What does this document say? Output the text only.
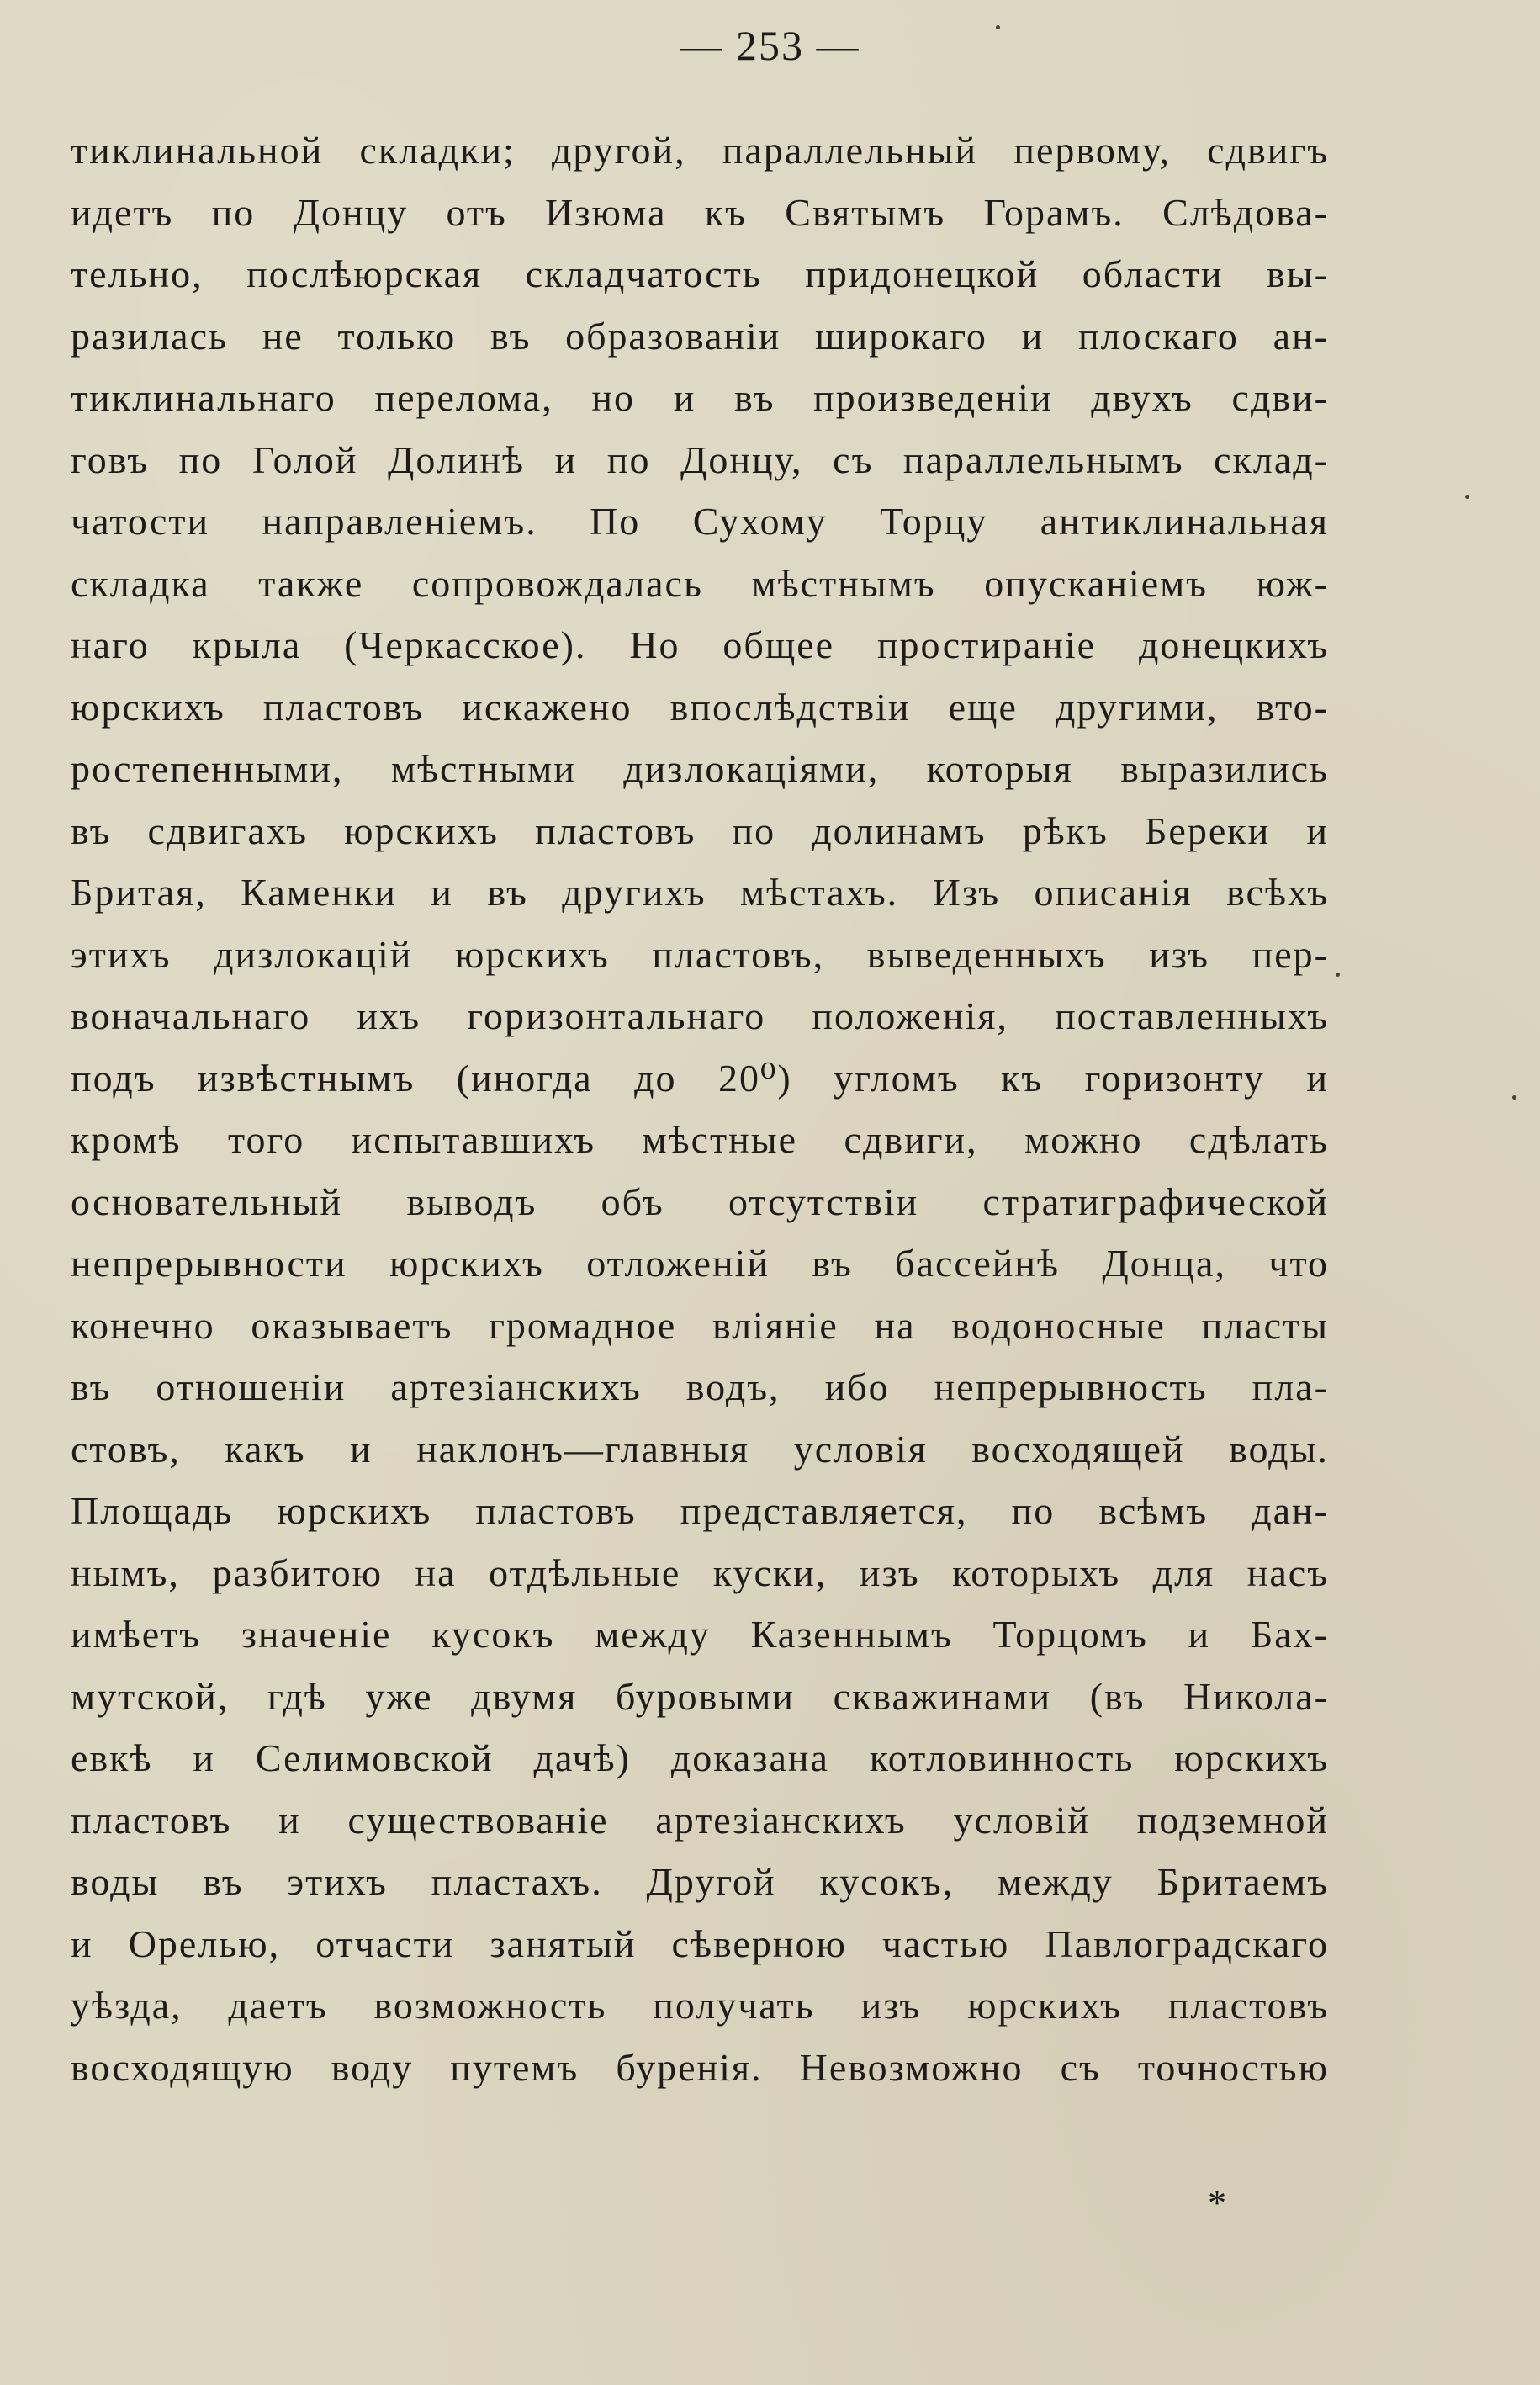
— 253 —
тиклинальной складки; другой, параллельный первому, сдвигъ
идетъ по Донцу отъ Изюма къ Святымъ Горамъ. Слѣдова-
тельно, послѣюрская складчатость придонецкой области вы-
разилась не только въ образованіи широкаго и плоскаго ан-
тиклинальнаго перелома, но и въ произведеніи двухъ сдви-
говъ по Голой Долинѣ и по Донцу, съ параллельнымъ склад-
чатости направленіемъ. По Сухому Торцу антиклинальная
складка также сопровождалась мѣстнымъ опусканіемъ юж-
наго крыла (Черкасское). Но общее простираніе донецкихъ
юрскихъ пластовъ искажено впослѣдствіи еще другими, вто-
ростепенными, мѣстными дизлокаціями, которыя выразились
въ сдвигахъ юрскихъ пластовъ по долинамъ рѣкъ Береки и
Бритая, Каменки и въ другихъ мѣстахъ. Изъ описанія всѣхъ
этихъ дизлокацій юрскихъ пластовъ, выведенныхъ изъ пер-
воначальнаго ихъ горизонтальнаго положенія, поставленныхъ
подъ извѣстнымъ (иногда до 20⁰) угломъ къ горизонту и
кромѣ того испытавшихъ мѣстные сдвиги, можно сдѣлать
основательный выводъ объ отсутствіи стратиграфической
непрерывности юрскихъ отложеній въ бассейнѣ Донца, что
конечно оказываетъ громадное вліяніе на водоносные пласты
въ отношеніи артезіанскихъ водъ, ибо непрерывность пла-
стовъ, какъ и наклонъ—главныя условія восходящей воды.
Площадь юрскихъ пластовъ представляется, по всѣмъ дан-
нымъ, разбитою на отдѣльные куски, изъ которыхъ для насъ
имѣетъ значеніе кусокъ между Казеннымъ Торцомъ и Бах-
мутской, гдѣ уже двумя буровыми скважинами (въ Никола-
евкѣ и Селимовской дачѣ) доказана котловинность юрскихъ
пластовъ и существованіе артезіанскихъ условій подземной
воды въ этихъ пластахъ. Другой кусокъ, между Бритаемъ
и Орелью, отчасти занятый сѣверною частью Павлоградскаго
уѣзда, даетъ возможность получать изъ юрскихъ пластовъ
восходящую воду путемъ буренія. Невозможно съ точностью
*
